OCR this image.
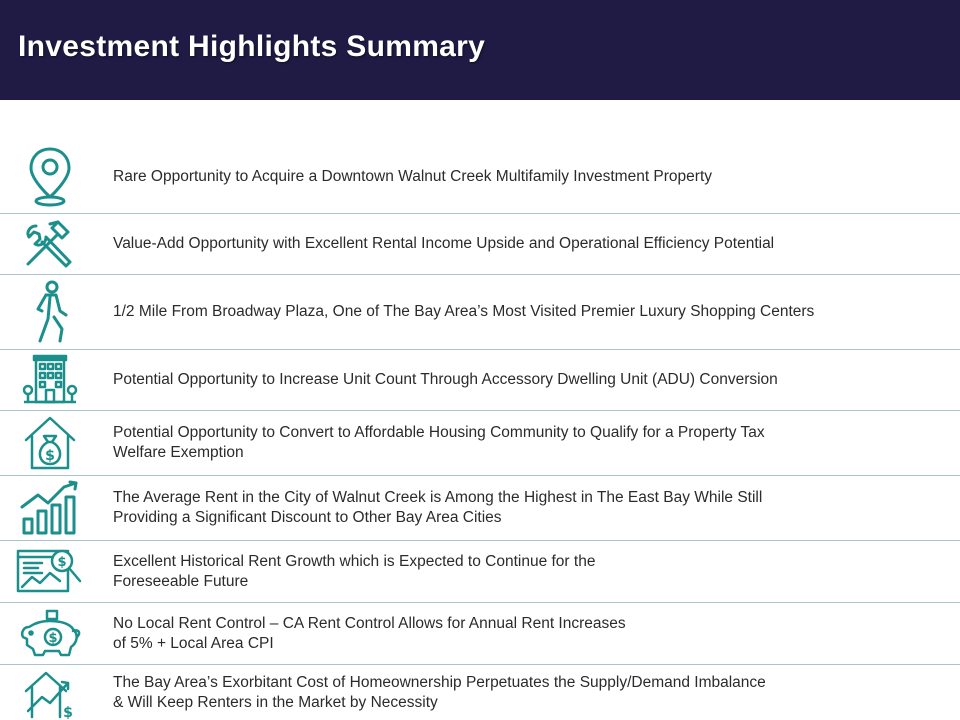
Investment Highlights Summary
Rare Opportunity to Acquire a Downtown Walnut Creek Multifamily Investment Property
Value-Add Opportunity with Excellent Rental Income Upside and Operational Efficiency Potential
1/2 Mile From Broadway Plaza, One of The Bay Area’s Most Visited Premier Luxury Shopping Centers
Potential Opportunity to Increase Unit Count Through Accessory Dwelling Unit (ADU) Conversion
$
Potential Opportunity to Convert to Affordable Housing Community to Qualify for a Property Tax
Welfare Exemption
The Average Rent in the City of Walnut Creek is Among the Highest in The East Bay While Still
Providing a Significant Discount to Other Bay Area Cities
$	Excellent Historical Rent Growth which is Expected to Continue for the
Foreseeable Future
$
No Local Rent Control – CA Rent Control Allows for Annual Rent Increases
of 5% + Local Area CPI
$
The Bay Area’s Exorbitant Cost of Homeownership Perpetuates the Supply/Demand Imbalance
& Will Keep Renters in the Market by Necessity
